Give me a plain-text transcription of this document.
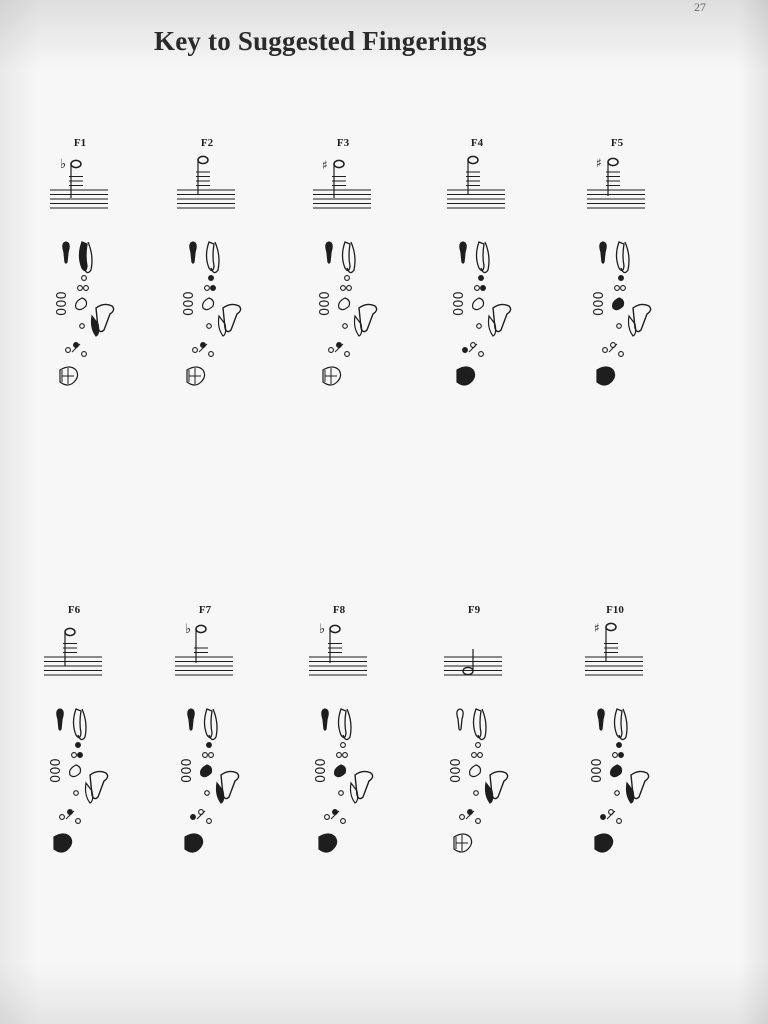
27
Key to Suggested Fingerings
F1
♭
000
F2
000
F3
♯
000
F4
000
F5
♯
000
F6
000
F7
♭
000
F8
♭
000
F9
000
F10
♯
000
